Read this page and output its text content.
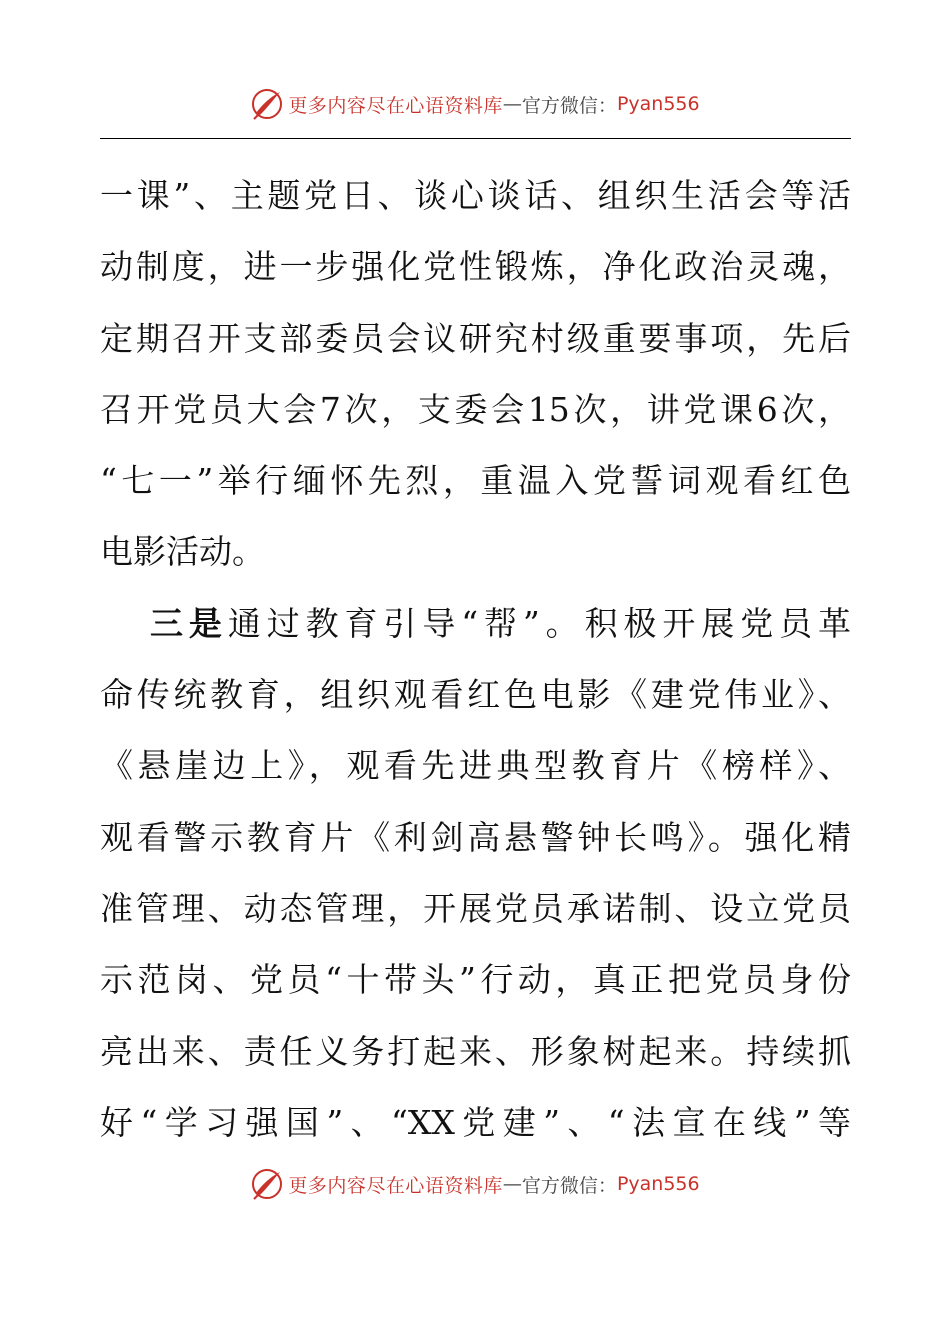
更多内容尽在心语资料库 — 官方微信： Pyan556
一课”、主题党日、谈心谈话、组织生活会等活
动制度，进一步强化党性锻炼，净化政治灵魂，
定期召开支部委员会议研究村级重要事项，先后
召开党员大会7次，支委会15次，讲党课6次，
“七一”举行缅怀先烈，重温入党誓词观看红色
电影活动。
三是通过教育引导“帮”。积极开展党员革
命传统教育，组织观看红色电影《建党伟业》、
《悬崖边上》，观看先进典型教育片《榜样》、
观看警示教育片《利剑高悬警钟长鸣》。强化精
准管理、动态管理，开展党员承诺制、设立党员
示范岗、党员“十带头”行动，真正把党员身份
亮出来、责任义务打起来、形象树起来。持续抓
好“学习强国”、“XX党建”、“法宣在线”等
更多内容尽在心语资料库 — 官方微信： Pyan556
